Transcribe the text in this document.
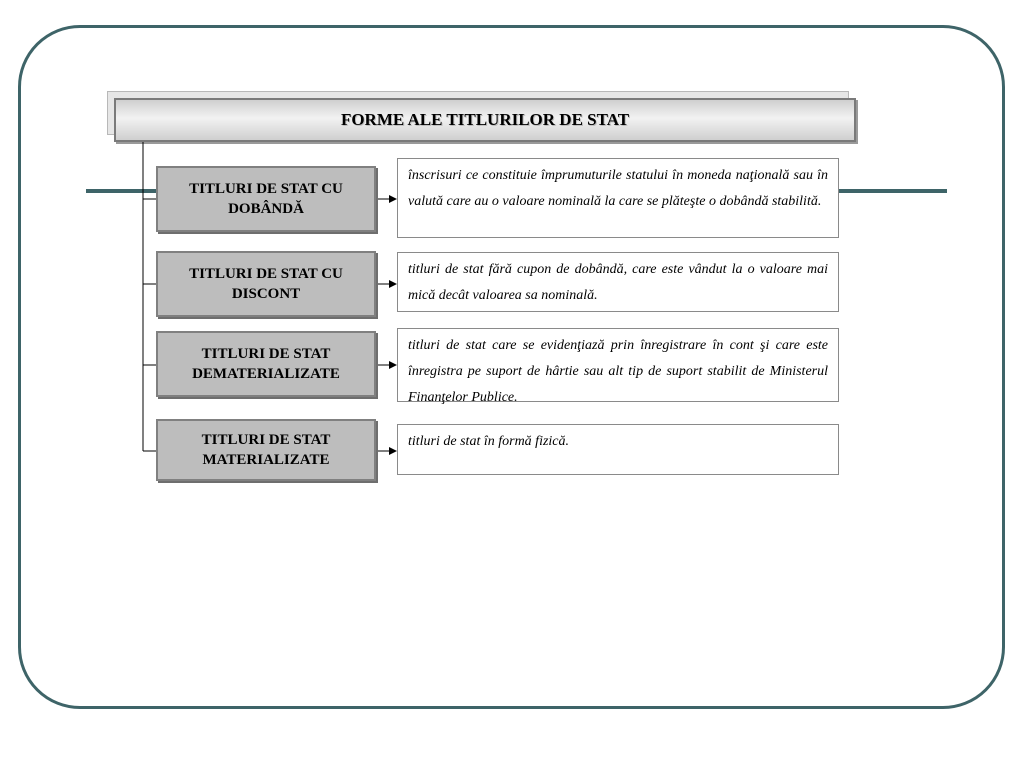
FORME ALE TITLURILOR DE STAT
TITLURI DE STAT CU DOBÂNDĂ
TITLURI DE STAT CU DISCONT
TITLURI DE STAT DEMATERIALIZATE
TITLURI DE STAT MATERIALIZATE
înscrisuri ce constituie împrumuturile statului în moneda naţională sau în valută care au o valoare nominală la care se plăteşte o dobândă stabilită.
titluri de stat fără cupon de dobândă, care este vândut la o valoare mai mică decât valoarea sa nominală.
titluri de stat care se evidenţiază prin înregistrare în cont şi care este înregistra pe suport de hârtie sau alt tip de suport stabilit de Ministerul Finanţelor Publice.
titluri de stat în formă fizică.
